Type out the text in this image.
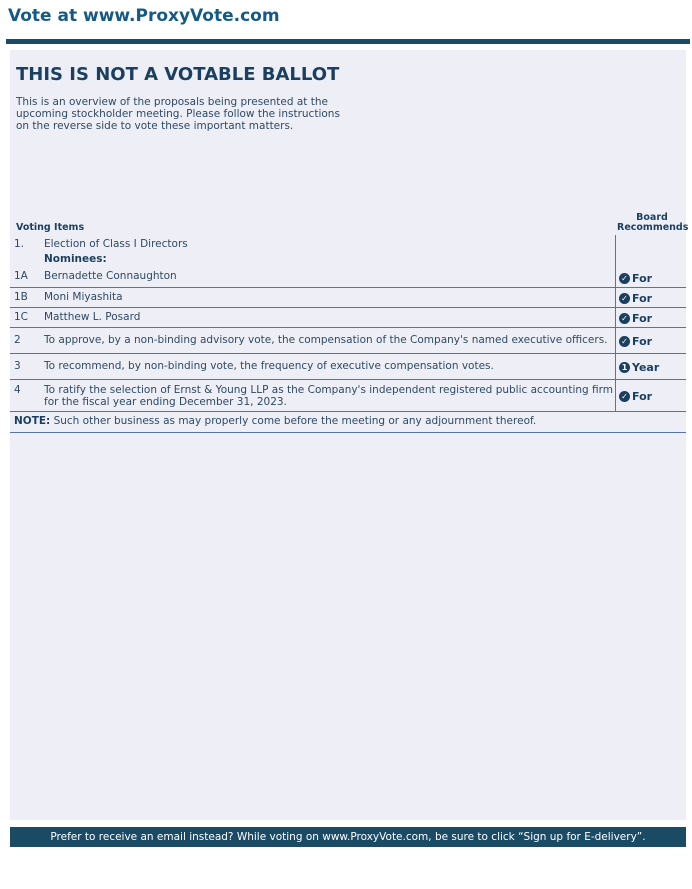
Vote at www.ProxyVote.com
THIS IS NOT A VOTABLE BALLOT
This is an overview of the proposals being presented at the upcoming stockholder meeting. Please follow the instructions on the reverse side to vote these important matters.
Voting Items
Board Recommends
1. Election of Class I Directors
Nominees:
1A Bernadette Connaughton	✓ For
1B Moni Miyashita	✓ For
1C Matthew L. Posard	✓ For
2 To approve, by a non-binding advisory vote, the compensation of the Company's named executive officers.	✓ For
3 To recommend, by non-binding vote, the frequency of executive compensation votes.	1 Year
4 To ratify the selection of Ernst & Young LLP as the Company's independent registered public accounting firm for the fiscal year ending December 31, 2023.	✓ For
NOTE: Such other business as may properly come before the meeting or any adjournment thereof.
Prefer to receive an email instead? While voting on www.ProxyVote.com, be sure to click “Sign up for E-delivery”.
